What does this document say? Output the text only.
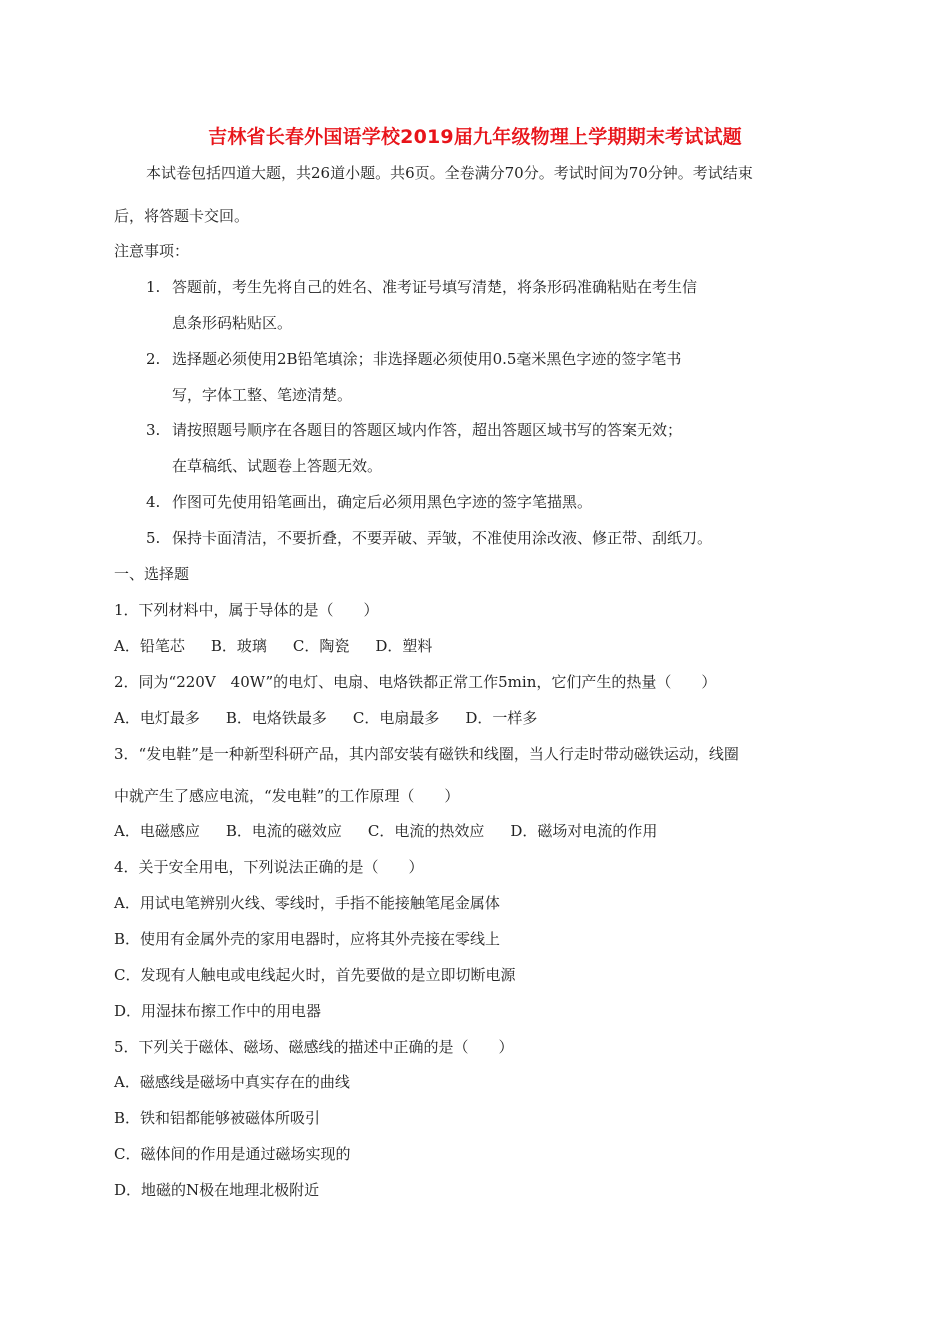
吉林省长春外国语学校2019届九年级物理上学期期末考试试题
本试卷包括四道大题，共26道小题。共6页。全卷满分70分。考试时间为70分钟。考试结束
后，将答题卡交回。
注意事项：
1. 答题前，考生先将自己的姓名、准考证号填写清楚，将条形码准确粘贴在考生信
息条形码粘贴区。
2. 选择题必须使用2B铅笔填涂；非选择题必须使用0.5毫米黑色字迹的签字笔书
写，字体工整、笔迹清楚。
3. 请按照题号顺序在各题目的答题区域内作答，超出答题区域书写的答案无效；
在草稿纸、试题卷上答题无效。
4. 作图可先使用铅笔画出，确定后必须用黑色字迹的签字笔描黑。
5. 保持卡面清洁，不要折叠，不要弄破、弄皱，不准使用涂改液、修正带、刮纸刀。
一、选择题
1．下列材料中，属于导体的是（　　）
A．铅笔芯 B．玻璃 C．陶瓷 D．塑料
2．同为“220V　40W”的电灯、电扇、电烙铁都正常工作5min，它们产生的热量（　　）
A．电灯最多 B．电烙铁最多 C．电扇最多 D．一样多
3．“发电鞋”是一种新型科研产品，其内部安装有磁铁和线圈，当人行走时带动磁铁运动，线圈
中就产生了感应电流，“发电鞋”的工作原理（　　）
A．电磁感应 B．电流的磁效应 C．电流的热效应 D．磁场对电流的作用
4．关于安全用电，下列说法正确的是（　　）
A．用试电笔辨别火线、零线时，手指不能接触笔尾金属体
B．使用有金属外壳的家用电器时，应将其外壳接在零线上
C．发现有人触电或电线起火时，首先要做的是立即切断电源
D．用湿抹布擦工作中的用电器
5．下列关于磁体、磁场、磁感线的描述中正确的是（　　）
A．磁感线是磁场中真实存在的曲线
B．铁和铝都能够被磁体所吸引
C．磁体间的作用是通过磁场实现的
D．地磁的N极在地理北极附近
